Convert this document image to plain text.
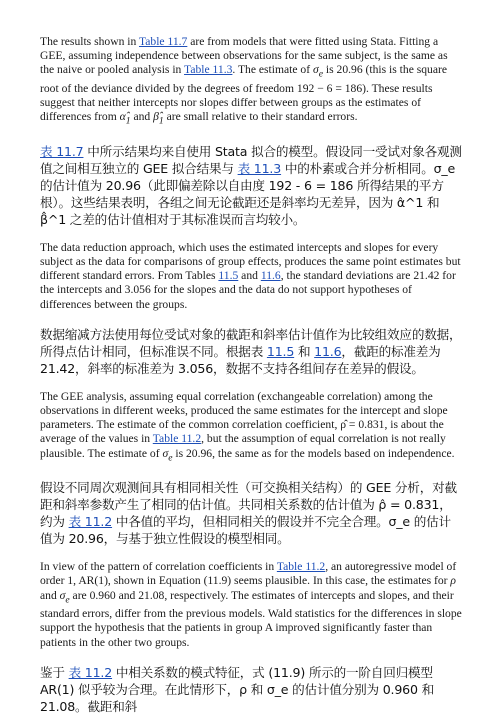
The results shown in Table 11.7 are from models that were fitted using Stata. Fitting a GEE, assuming independence between observations for the same subject, is the same as the naive or pooled analysis in Table 11.3. The estimate of $\sigma_e$ is 20.96 (this is the square root of the deviance divided by the degrees of freedom 192 − 6 = 186). These results suggest that neither intercepts nor slopes differ between groups as the estimates of differences from $\alphâ_1$ and $\betâ_1$ are small relative to their standard errors.

表 11.7 中所示结果均来自使用 Stata 拟合的模型。假设同一受试对象各观测值之间相互独立的 GEE 拟合结果与 表 11.3 中的朴素或合并分析相同。σ_e 的估计值为 20.96（此即偏差除以自由度 192 - 6 = 186 所得结果的平方根）。这些结果表明，各组之间无论截距还是斜率均无差异，因为 α̂^1 和 β̂^1 之差的估计值相对于其标准误而言均较小。

The data reduction approach, which uses the estimated intercepts and slopes for every subject as the data for comparisons of group effects, produces the same point estimates but different standard errors. From Tables 11.5 and 11.6, the standard deviations are 21.42 for the intercepts and 3.056 for the slopes and the data do not support hypotheses of differences between the groups.

数据缩减方法使用每位受试对象的截距和斜率估计值作为比较组效应的数据，所得点估计相同，但标准误不同。根据表 11.5 和 11.6，截距的标准差为 21.42，斜率的标准差为 3.056，数据不支持各组间存在差异的假设。

The GEE analysis, assuming equal correlation (exchangeable correlation) among the observations in different weeks, produced the same estimates for the intercept and slope parameters. The estimate of the common correlation coefficient, ρ̂ = 0.831, is about the average of the values in Table 11.2, but the assumption of equal correlation is not really plausible. The estimate of $\sigma_e$ is 20.96, the same as for the models based on independence.

假设不同周次观测间具有相同相关性（可交换相关结构）的 GEE 分析，对截距和斜率参数产生了相同的估计值。共同相关系数的估计值为 ρ̂ = 0.831，约为 表 11.2 中各值的平均，但相同相关的假设并不完全合理。σ_e 的估计值为 20.96，与基于独立性假设的模型相同。

In view of the pattern of correlation coefficients in Table 11.2, an autoregressive model of order 1, AR(1), shown in Equation (11.9) seems plausible. In this case, the estimates for ρ and $\sigma_e$ are 0.960 and 21.08, respectively. The estimates of intercepts and slopes, and their standard errors, differ from the previous models. Wald statistics for the differences in slope support the hypothesis that the patients in group A improved significantly faster than patients in the other two groups.

鉴于 表 11.2 中相关系数的模式特征，式 (11.9) 所示的一阶自回归模型 AR(1) 似乎较为合理。在此情形下，ρ 和 σ_e 的估计值分别为 0.960 和 21.08。截距和斜
